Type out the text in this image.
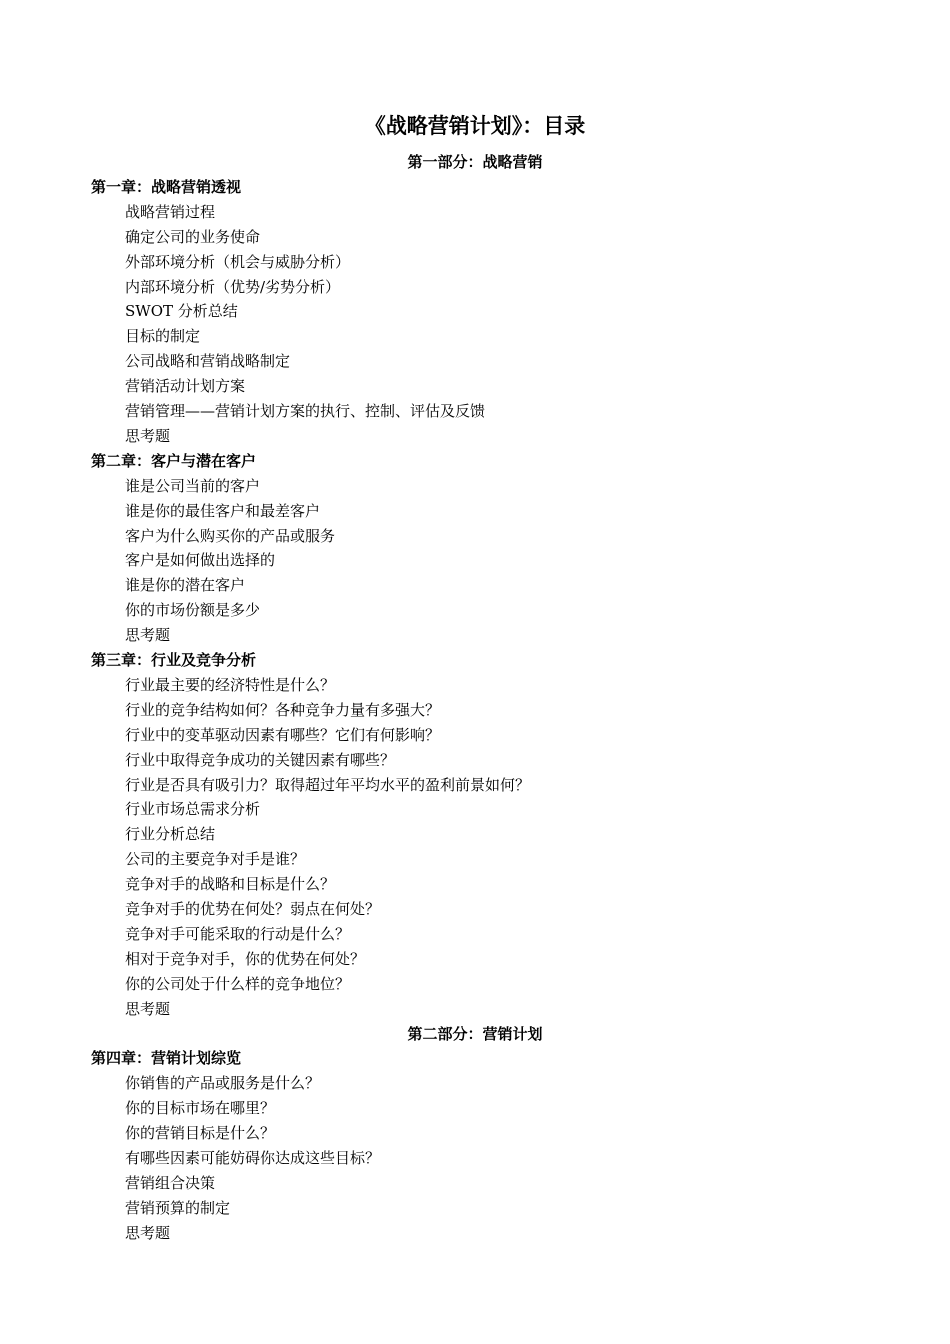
《战略营销计划》：目录
第一部分：战略营销
第一章：战略营销透视
战略营销过程
确定公司的业务使命
外部环境分析（机会与威胁分析）
内部环境分析（优势/劣势分析）
SWOT 分析总结
目标的制定
公司战略和营销战略制定
营销活动计划方案
营销管理——营销计划方案的执行、控制、评估及反馈
思考题
第二章：客户与潜在客户
谁是公司当前的客户
谁是你的最佳客户和最差客户
客户为什么购买你的产品或服务
客户是如何做出选择的
谁是你的潜在客户
你的市场份额是多少
思考题
第三章：行业及竞争分析
行业最主要的经济特性是什么？
行业的竞争结构如何？各种竞争力量有多强大？
行业中的变革驱动因素有哪些？它们有何影响？
行业中取得竞争成功的关键因素有哪些？
行业是否具有吸引力？取得超过年平均水平的盈利前景如何？
行业市场总需求分析
行业分析总结
公司的主要竞争对手是谁？
竞争对手的战略和目标是什么？
竞争对手的优势在何处？弱点在何处？
竞争对手可能采取的行动是什么？
相对于竞争对手，你的优势在何处？
你的公司处于什么样的竞争地位？
思考题
第二部分：营销计划
第四章：营销计划综览
你销售的产品或服务是什么？
你的目标市场在哪里？
你的营销目标是什么？
有哪些因素可能妨碍你达成这些目标？
营销组合决策
营销预算的制定
思考题
